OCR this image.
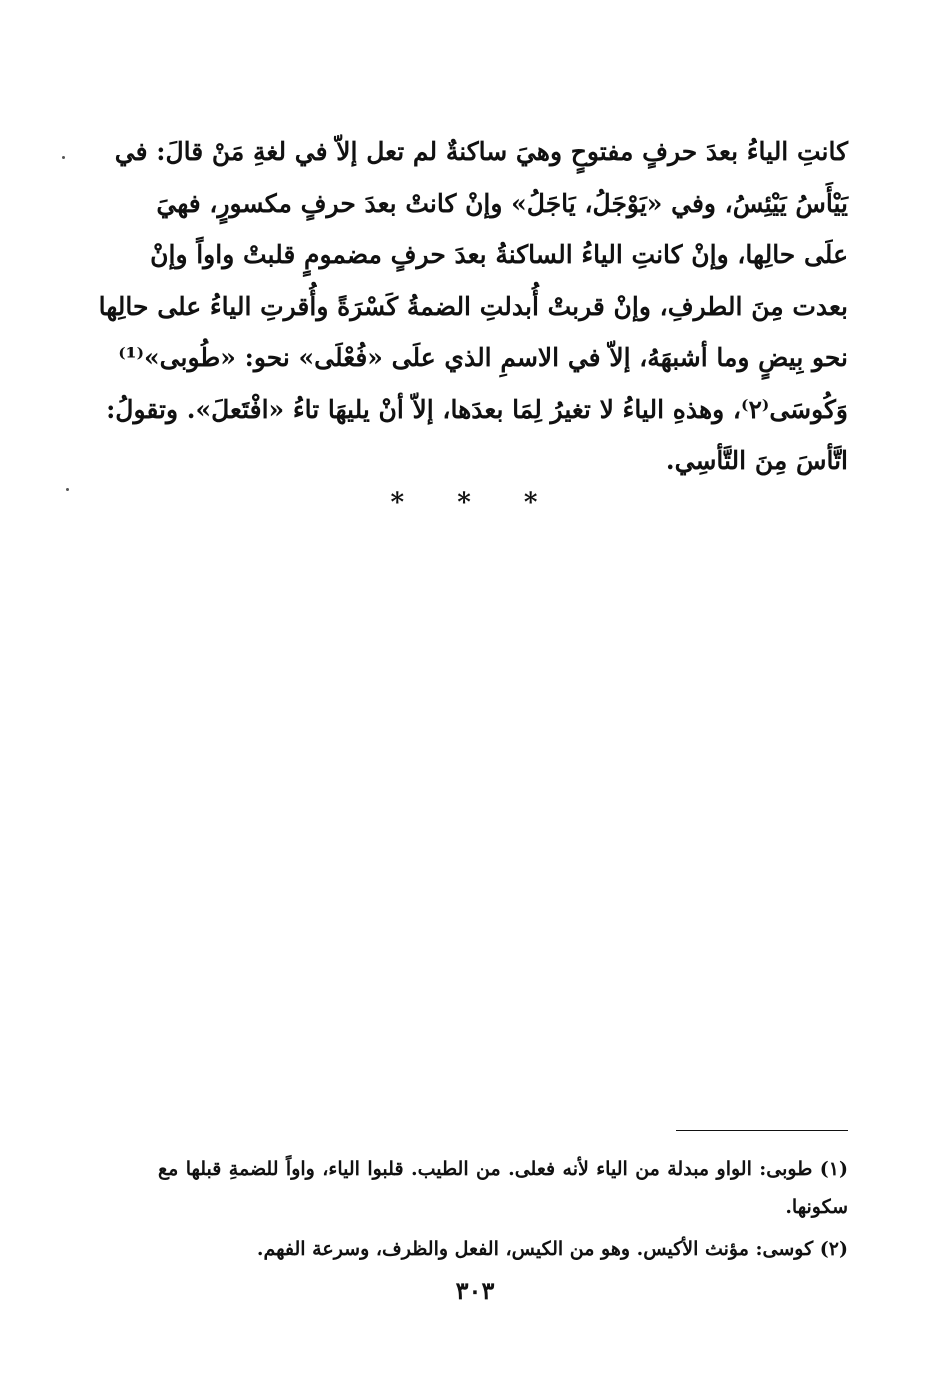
كانتِ الياءُ بعدَ حرفٍ مفتوحٍ وهيَ ساكنةٌ لم تعل إلاّ في لغةِ مَنْ قالَ: في
يَيْأَسُ يَيْئِسُ، وفي «يَوْجَلُ، يَاجَلُ» وإنْ كانتْ بعدَ حرفٍ مكسورٍ، فهيَ
علَى حالِها، وإنْ كانتِ الياءُ الساكنةُ بعدَ حرفٍ مضمومٍ قلبتْ واواً وإنْ
بعدت مِنَ الطرفِ، وإنْ قربتْ أُبدلتِ الضمةُ كَسْرَةً وأُقرتِ الياءُ على حالِها
نحو بِيضٍ وما أشبهَهُ، إلاّ في الاسمِ الذي علَى «فُعْلَى» نحو: «طُوبى»⁽¹⁾
وَكُوسَى⁽٢⁾، وهذهِ الياءُ لا تغيرُ لِمَا بعدَها، إلاّ أنْ يليهَا تاءُ «افْتَعلَ». وتقولُ:
اتَّأسَ مِنَ التَّأسِي.
* * *
(١) طوبى: الواو مبدلة من الياء لأنه فعلى. من الطيب. قلبوا الياء، واواً للضمةِ قبلها مع
سكونها.
(٢) كوسى: مؤنث الأكيس. وهو من الكيس، الفعل والظرف، وسرعة الفهم.
٣٠٣
